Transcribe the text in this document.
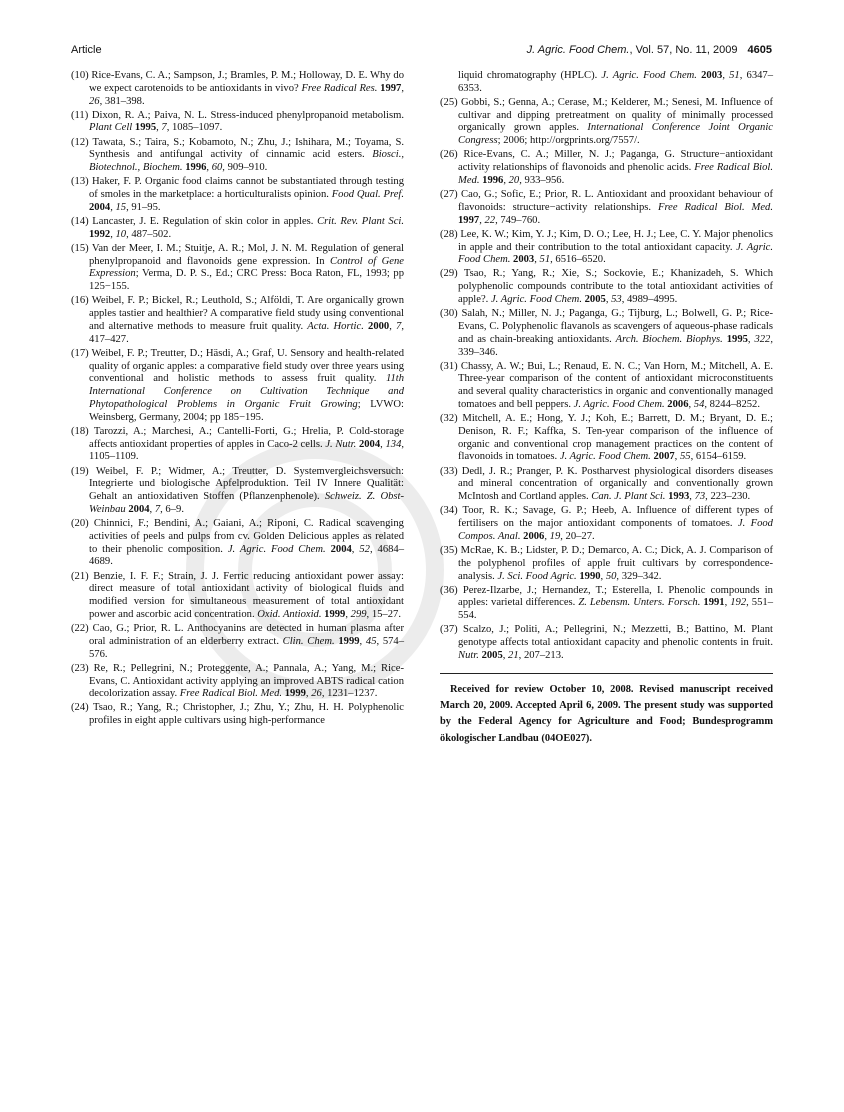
Article	J. Agric. Food Chem., Vol. 57, No. 11, 2009 4605

(10) Rice-Evans, C. A.; Sampson, J.; Bramles, P. M.; Holloway, D. E. Why do we expect carotenoids to be antioxidants in vivo? Free Radical Res. 1997, 26, 381–398.

(11) Dixon, R. A.; Paiva, N. L. Stress-induced phenylpropanoid metabolism. Plant Cell 1995, 7, 1085–1097.

(12) Tawata, S.; Taira, S.; Kobamoto, N.; Zhu, J.; Ishihara, M.; Toyama, S. Synthesis and antifungal activity of cinnamic acid esters. Biosci., Biotechnol., Biochem. 1996, 60, 909–910.

(13) Haker, F. P. Organic food claims cannot be substantiated through testing of smoles in the marketplace: a horticulturalists opinion. Food Qual. Pref. 2004, 15, 91–95.

(14) Lancaster, J. E. Regulation of skin color in apples. Crit. Rev. Plant Sci. 1992, 10, 487–502.

(15) Van der Meer, I. M.; Stuitje, A. R.; Mol, J. N. M. Regulation of general phenylpropanoid and flavonoids gene expression. In Control of Gene Expression; Verma, D. P. S., Ed.; CRC Press: Boca Raton, FL, 1993; pp 125−155.

(16) Weibel, F. P.; Bickel, R.; Leuthold, S.; Alföldi, T. Are organically grown apples tastier and healthier? A comparative field study using conventional and alternative methods to measure fruit quality. Acta. Hortic. 2000, 7, 417–427.

(17) Weibel, F. P.; Treutter, D.; Häsdi, A.; Graf, U. Sensory and health-related quality of organic apples: a comparative field study over three years using conventional and holistic methods to assess fruit quality. 11th International Conference on Cultivation Technique and Phytopathological Problems in Organic Fruit Growing; LVWO: Weinsberg, Germany, 2004; pp 185−195.

(18) Tarozzi, A.; Marchesi, A.; Cantelli-Forti, G.; Hrelia, P. Cold-storage affects antioxidant properties of apples in Caco-2 cells. J. Nutr. 2004, 134, 1105–1109.

(19) Weibel, F. P.; Widmer, A.; Treutter, D. Systemvergleichsversuch: Integrierte und biologische Apfelproduktion. Teil IV Innere Qualität: Gehalt an antioxidativen Stoffen (Pflanzenphenole). Schweiz. Z. Obst-Weinbau 2004, 7, 6–9.

(20) Chinnici, F.; Bendini, A.; Gaiani, A.; Riponi, C. Radical scavenging activities of peels and pulps from cv. Golden Delicious apples as related to their phenolic composition. J. Agric. Food Chem. 2004, 52, 4684–4689.

(21) Benzie, I. F. F.; Strain, J. J. Ferric reducing antioxidant power assay: direct measure of total antioxidant activity of biological fluids and modified version for simultaneous measurement of total antioxidant power and ascorbic acid concentration. Oxid. Antioxid. 1999, 299, 15–27.

(22) Cao, G.; Prior, R. L. Anthocyanins are detected in human plasma after oral administration of an elderberry extract. Clin. Chem. 1999, 45, 574–576.

(23) Re, R.; Pellegrini, N.; Proteggente, A.; Pannala, A.; Yang, M.; Rice-Evans, C. Antioxidant activity applying an improved ABTS radical cation decolorization assay. Free Radical Biol. Med. 1999, 26, 1231–1237.

(24) Tsao, R.; Yang, R.; Christopher, J.; Zhu, Y.; Zhu, H. H. Polyphenolic profiles in eight apple cultivars using high-performance

liquid chromatography (HPLC). J. Agric. Food Chem. 2003, 51, 6347–6353.

(25) Gobbi, S.; Genna, A.; Cerase, M.; Kelderer, M.; Senesi, M. Influence of cultivar and dipping pretreatment on quality of minimally processed organically grown apples. International Conference Joint Organic Congress; 2006; http://orgprints.org/7557/.

(26) Rice-Evans, C. A.; Miller, N. J.; Paganga, G. Structure−antioxidant activity relationships of flavonoids and phenolic acids. Free Radical Biol. Med. 1996, 20, 933–956.

(27) Cao, G.; Sofic, E.; Prior, R. L. Antioxidant and prooxidant behaviour of flavonoids: structure−activity relationships. Free Radical Biol. Med. 1997, 22, 749–760.

(28) Lee, K. W.; Kim, Y. J.; Kim, D. O.; Lee, H. J.; Lee, C. Y. Major phenolics in apple and their contribution to the total antioxidant capacity. J. Agric. Food Chem. 2003, 51, 6516–6520.

(29) Tsao, R.; Yang, R.; Xie, S.; Sockovie, E.; Khanizadeh, S. Which polyphenolic compounds contribute to the total antioxidant activities of apple?. J. Agric. Food Chem. 2005, 53, 4989–4995.

(30) Salah, N.; Miller, N. J.; Paganga, G.; Tijburg, L.; Bolwell, G. P.; Rice-Evans, C. Polyphenolic flavanols as scavengers of aqueous-phase radicals and as chain-breaking antioxidants. Arch. Biochem. Biophys. 1995, 322, 339–346.

(31) Chassy, A. W.; Bui, L.; Renaud, E. N. C.; Van Horn, M.; Mitchell, A. E. Three-year comparison of the content of antioxidant microconstituents and several quality characteristics in organic and conventionally managed tomatoes and bell peppers. J. Agric. Food Chem. 2006, 54, 8244–8252.

(32) Mitchell, A. E.; Hong, Y. J.; Koh, E.; Barrett, D. M.; Bryant, D. E.; Denison, R. F.; Kaffka, S. Ten-year comparison of the influence of organic and conventional crop management practices on the content of flavonoids in tomatoes. J. Agric. Food Chem. 2007, 55, 6154–6159.

(33) Dedl, J. R.; Pranger, P. K. Postharvest physiological disorders diseases and mineral concentration of organically and conventionally grown McIntosh and Cortland apples. Can. J. Plant Sci. 1993, 73, 223–230.

(34) Toor, R. K.; Savage, G. P.; Heeb, A. Influence of different types of fertilisers on the major antioxidant components of tomatoes. J. Food Compos. Anal. 2006, 19, 20–27.

(35) McRae, K. B.; Lidster, P. D.; Demarco, A. C.; Dick, A. J. Comparison of the polyphenol profiles of apple fruit cultivars by correspondence-analysis. J. Sci. Food Agric. 1990, 50, 329–342.

(36) Perez-Ilzarbe, J.; Hernandez, T.; Esterella, I. Phenolic compounds in apples: varietal differences. Z. Lebensm. Unters. Forsch. 1991, 192, 551–554.

(37) Scalzo, J.; Politi, A.; Pellegrini, N.; Mezzetti, B.; Battino, M. Plant genotype affects total antioxidant capacity and phenolic contents in fruit. Nutr. 2005, 21, 207–213.

Received for review October 10, 2008. Revised manuscript received March 20, 2009. Accepted April 6, 2009. The present study was supported by the Federal Agency for Agriculture and Food; Bundesprogramm ökologischer Landbau (04OE027).
